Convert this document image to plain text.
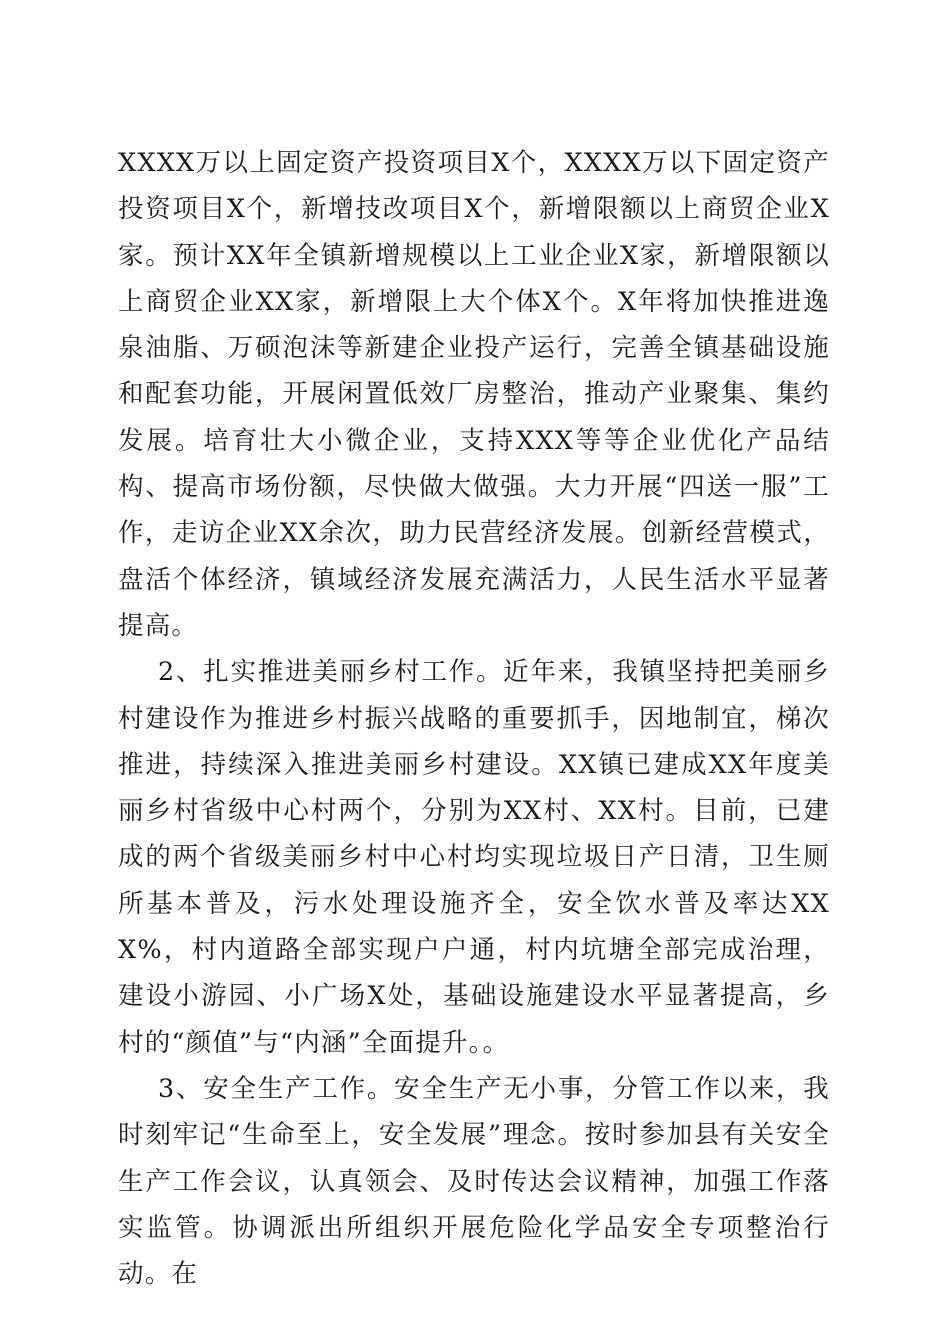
XXXX万以上固定资产投资项目X个，XXXX万以下固定资产投资项目X个，新增技改项目X个，新增限额以上商贸企业X家。预计XX年全镇新增规模以上工业企业X家，新增限额以上商贸企业XX家，新增限上大个体X个。X年将加快推进逸泉油脂、万硕泡沫等新建企业投产运行，完善全镇基础设施和配套功能，开展闲置低效厂房整治，推动产业聚集、集约发展。培育壮大小微企业，支持XXX等等企业优化产品结构、提高市场份额，尽快做大做强。大力开展“四送一服”工作，走访企业XX余次，助力民营经济发展。创新经营模式，盘活个体经济，镇域经济发展充满活力，人民生活水平显著提高。

2、扎实推进美丽乡村工作。近年来，我镇坚持把美丽乡村建设作为推进乡村振兴战略的重要抓手，因地制宜，梯次推进，持续深入推进美丽乡村建设。XX镇已建成XX年度美丽乡村省级中心村两个，分别为XX村、XX村。目前，已建成的两个省级美丽乡村中心村均实现垃圾日产日清，卫生厕所基本普及，污水处理设施齐全，安全饮水普及率达XXX%，村内道路全部实现户户通，村内坑塘全部完成治理，建设小游园、小广场X处，基础设施建设水平显著提高，乡村的“颜值”与“内涵”全面提升。。

3、安全生产工作。安全生产无小事，分管工作以来，我时刻牢记“生命至上，安全发展”理念。按时参加县有关安全生产工作会议，认真领会、及时传达会议精神，加强工作落实监管。协调派出所组织开展危险化学品安全专项整治行动。在
